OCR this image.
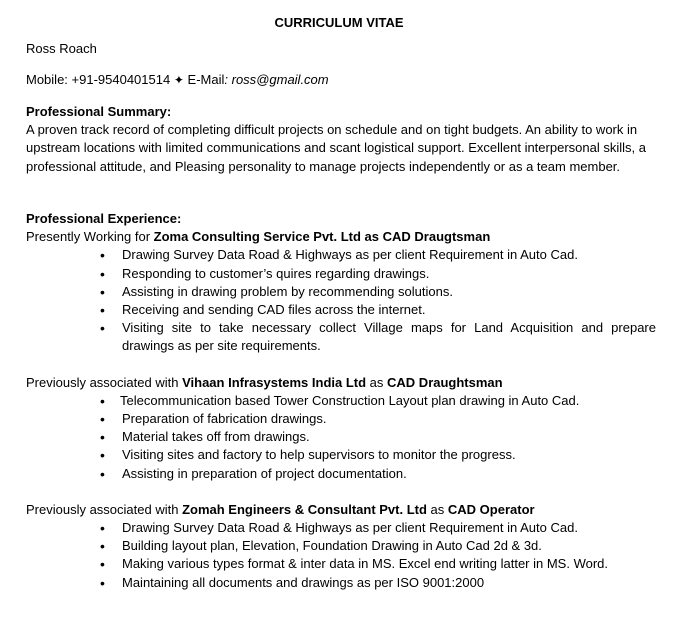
CURRICULUM VITAE
Ross Roach
Mobile: +91-9540401514 ✦ E-Mail: ross@gmail.com
Professional Summary:

A proven track record of completing difficult projects on schedule and on tight budgets. An ability to work in upstream locations with limited communications and scant logistical support. Excellent interpersonal skills, a professional attitude, and Pleasing personality to manage projects independently or as a team member.

Professional Experience:

Presently Working for Zoma Consulting Service Pvt. Ltd as CAD Draugtsman

• Drawing Survey Data Road & Highways as per client Requirement in Auto Cad.
• Responding to customer’s quires regarding drawings.
• Assisting in drawing problem by recommending solutions.
• Receiving and sending CAD files across the internet.
• Visiting site to take necessary collect Village maps for Land Acquisition and prepare drawings as per site requirements.

Previously associated with Vihaan Infrasystems India Ltd as CAD Draughtsman

• Telecommunication based Tower Construction Layout plan drawing in Auto Cad.
• Preparation of fabrication drawings.
• Material takes off from drawings.
• Visiting sites and factory to help supervisors to monitor the progress.
• Assisting in preparation of project documentation.

Previously associated with Zomah Engineers & Consultant Pvt. Ltd as CAD Operator

• Drawing Survey Data Road & Highways as per client Requirement in Auto Cad.
• Building layout plan, Elevation, Foundation Drawing in Auto Cad 2d & 3d.
• Making various types format & inter data in MS. Excel end writing latter in MS. Word.
• Maintaining all documents and drawings as per ISO 9001:2000
